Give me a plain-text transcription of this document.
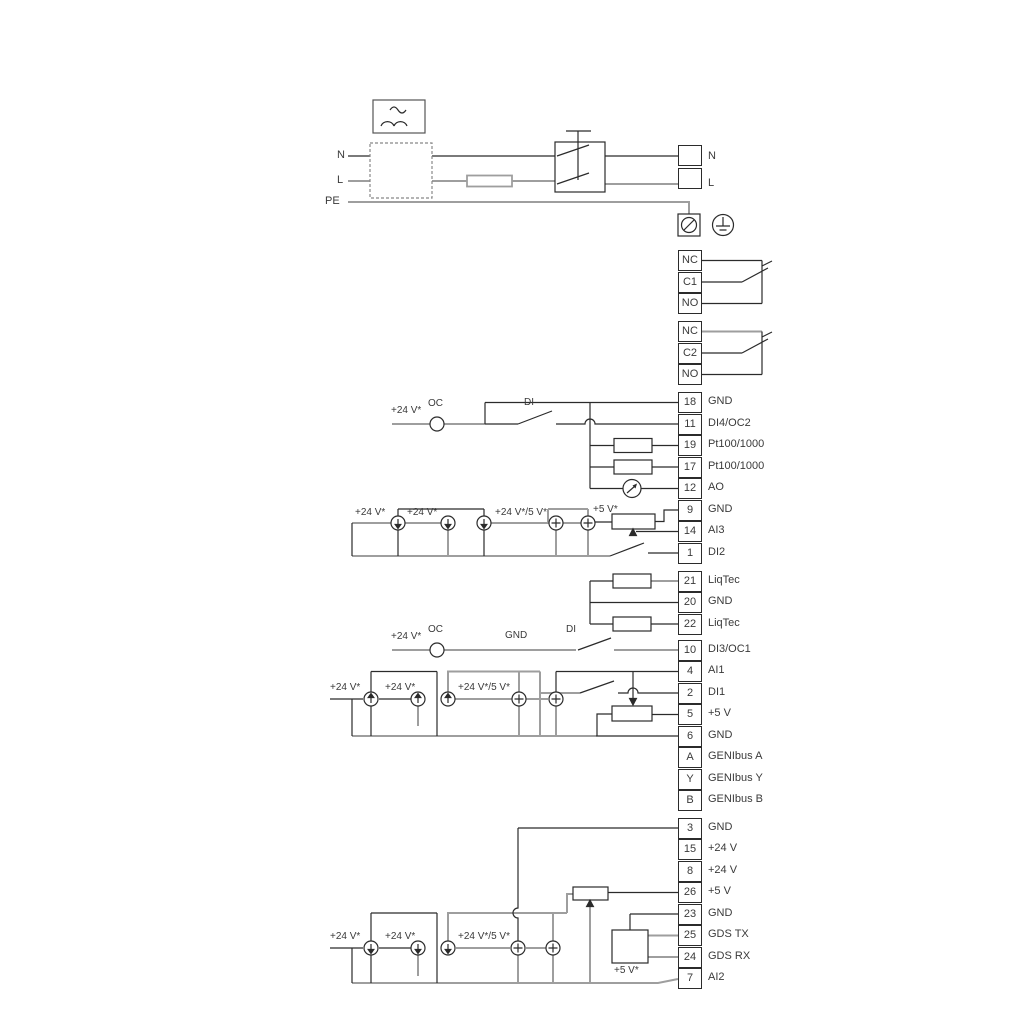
N
L
PE
N
L
NC
C1
NO
NC
C2
NO
18	GND
11	DI4/OC2
19	Pt100/1000
17	Pt100/1000
12	AO
9	GND
14	AI3
1	DI2
21	LiqTec
20	GND
22	LiqTec
10	DI3/OC1
4	AI1
2	DI1
5	+5 V
6	GND
A	GENIbus A
Y	GENIbus Y
B	GENIbus B
3	GND
15	+24 V
8	+24 V
26	+5 V
23	GND
25	GDS TX
24	GDS RX
7	AI2
+24 V*
OC	DI
+24 V* +24 V*	+24 V*/5 V*	+5 V*
+24 V*
OC
GND
DI
+24 V* +24 V*	+24 V*/5 V*
+24 V* +24 V*	+24 V*/5 V*
+5 V*
